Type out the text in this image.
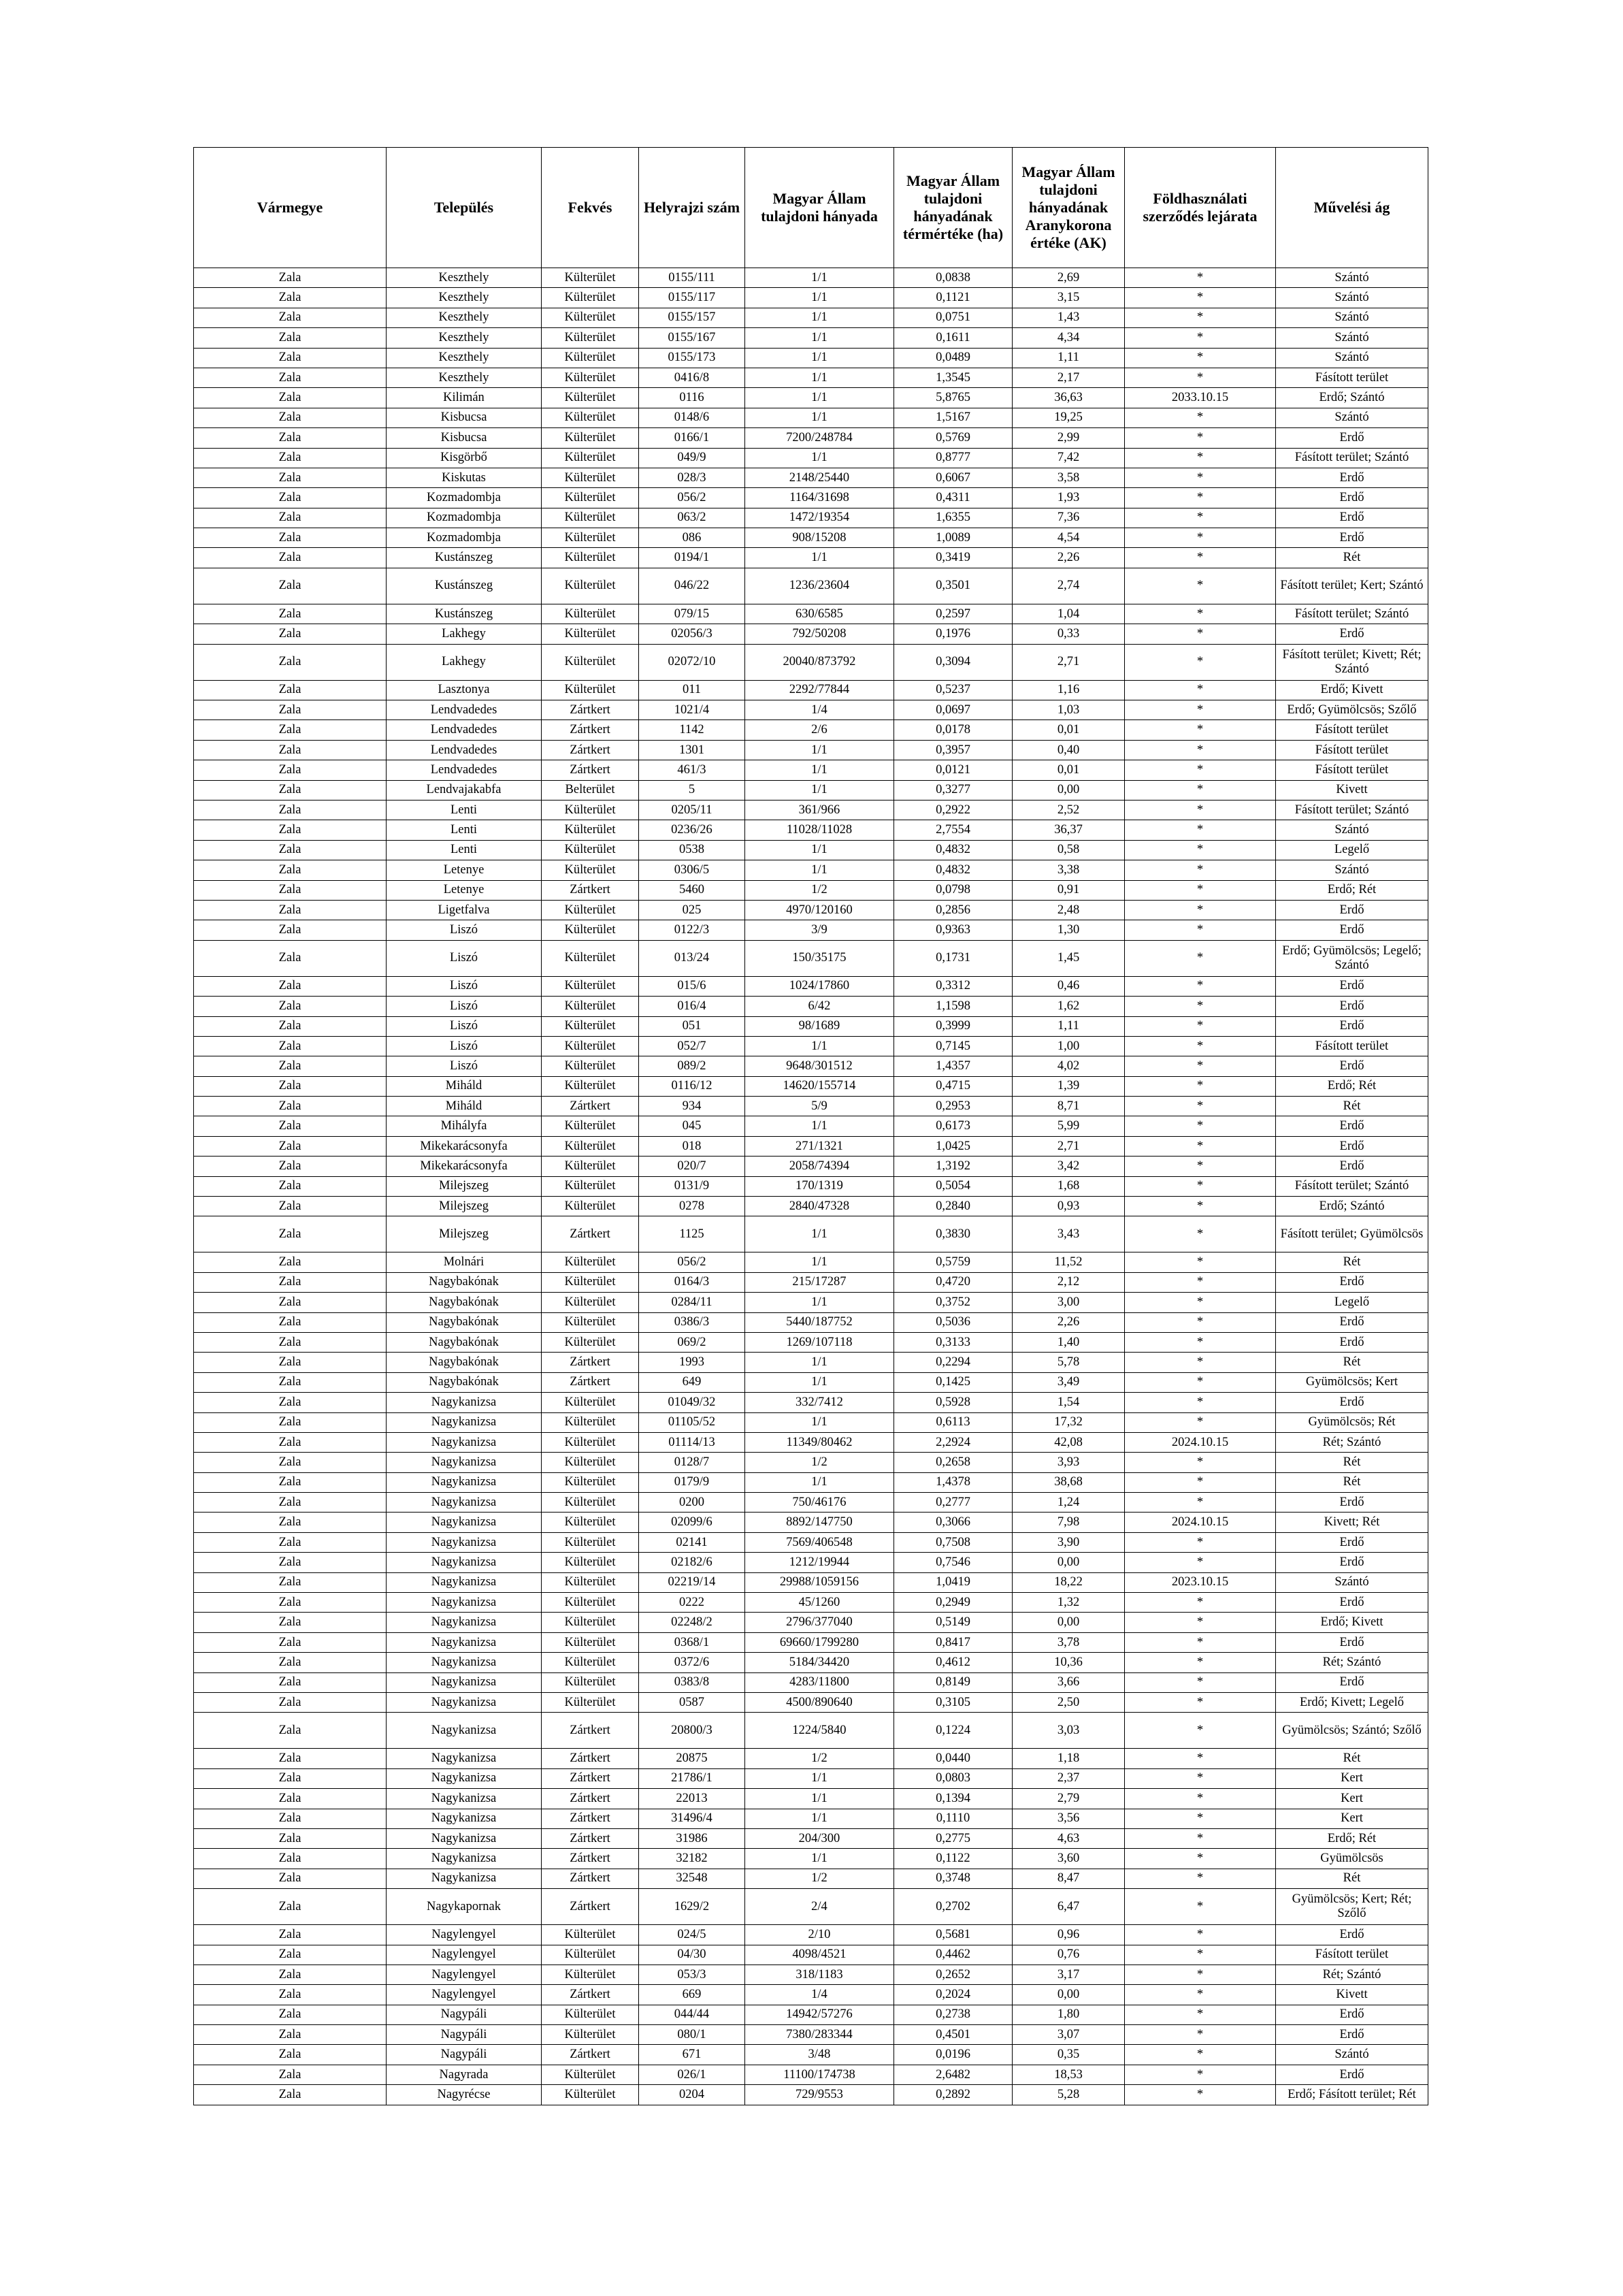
Vármegye	Település	Fekvés	Helyrajzi szám	Magyar Állam tulajdoni hányada	Magyar Állam tulajdoni hányadának térmértéke (ha)	Magyar Állam tulajdoni hányadának Aranykorona értéke (AK)	Földhasználati szerződés lejárata	Művelési ág
Zala	Keszthely	Külterület	0155/111	1/1	0,0838	2,69	*	Szántó
Zala	Keszthely	Külterület	0155/117	1/1	0,1121	3,15	*	Szántó
Zala	Keszthely	Külterület	0155/157	1/1	0,0751	1,43	*	Szántó
Zala	Keszthely	Külterület	0155/167	1/1	0,1611	4,34	*	Szántó
Zala	Keszthely	Külterület	0155/173	1/1	0,0489	1,11	*	Szántó
Zala	Keszthely	Külterület	0416/8	1/1	1,3545	2,17	*	Fásított terület
Zala	Kilimán	Külterület	0116	1/1	5,8765	36,63	2033.10.15	Erdő; Szántó
Zala	Kisbucsa	Külterület	0148/6	1/1	1,5167	19,25	*	Szántó
Zala	Kisbucsa	Külterület	0166/1	7200/248784	0,5769	2,99	*	Erdő
Zala	Kisgörbő	Külterület	049/9	1/1	0,8777	7,42	*	Fásított terület; Szántó
Zala	Kiskutas	Külterület	028/3	2148/25440	0,6067	3,58	*	Erdő
Zala	Kozmadombja	Külterület	056/2	1164/31698	0,4311	1,93	*	Erdő
Zala	Kozmadombja	Külterület	063/2	1472/19354	1,6355	7,36	*	Erdő
Zala	Kozmadombja	Külterület	086	908/15208	1,0089	4,54	*	Erdő
Zala	Kustánszeg	Külterület	0194/1	1/1	0,3419	2,26	*	Rét
Zala	Kustánszeg	Külterület	046/22	1236/23604	0,3501	2,74	*	Fásított terület; Kert; Szántó
Zala	Kustánszeg	Külterület	079/15	630/6585	0,2597	1,04	*	Fásított terület; Szántó
Zala	Lakhegy	Külterület	02056/3	792/50208	0,1976	0,33	*	Erdő
Zala	Lakhegy	Külterület	02072/10	20040/873792	0,3094	2,71	*	Fásított terület; Kivett; Rét; Szántó
Zala	Lasztonya	Külterület	011	2292/77844	0,5237	1,16	*	Erdő; Kivett
Zala	Lendvadedes	Zártkert	1021/4	1/4	0,0697	1,03	*	Erdő; Gyümölcsös; Szőlő
Zala	Lendvadedes	Zártkert	1142	2/6	0,0178	0,01	*	Fásított terület
Zala	Lendvadedes	Zártkert	1301	1/1	0,3957	0,40	*	Fásított terület
Zala	Lendvadedes	Zártkert	461/3	1/1	0,0121	0,01	*	Fásított terület
Zala	Lendvajakabfa	Belterület	5	1/1	0,3277	0,00	*	Kivett
Zala	Lenti	Külterület	0205/11	361/966	0,2922	2,52	*	Fásított terület; Szántó
Zala	Lenti	Külterület	0236/26	11028/11028	2,7554	36,37	*	Szántó
Zala	Lenti	Külterület	0538	1/1	0,4832	0,58	*	Legelő
Zala	Letenye	Külterület	0306/5	1/1	0,4832	3,38	*	Szántó
Zala	Letenye	Zártkert	5460	1/2	0,0798	0,91	*	Erdő; Rét
Zala	Ligetfalva	Külterület	025	4970/120160	0,2856	2,48	*	Erdő
Zala	Liszó	Külterület	0122/3	3/9	0,9363	1,30	*	Erdő
Zala	Liszó	Külterület	013/24	150/35175	0,1731	1,45	*	Erdő; Gyümölcsös; Legelő; Szántó
Zala	Liszó	Külterület	015/6	1024/17860	0,3312	0,46	*	Erdő
Zala	Liszó	Külterület	016/4	6/42	1,1598	1,62	*	Erdő
Zala	Liszó	Külterület	051	98/1689	0,3999	1,11	*	Erdő
Zala	Liszó	Külterület	052/7	1/1	0,7145	1,00	*	Fásított terület
Zala	Liszó	Külterület	089/2	9648/301512	1,4357	4,02	*	Erdő
Zala	Miháld	Külterület	0116/12	14620/155714	0,4715	1,39	*	Erdő; Rét
Zala	Miháld	Zártkert	934	5/9	0,2953	8,71	*	Rét
Zala	Mihályfa	Külterület	045	1/1	0,6173	5,99	*	Erdő
Zala	Mikekarácsonyfa	Külterület	018	271/1321	1,0425	2,71	*	Erdő
Zala	Mikekarácsonyfa	Külterület	020/7	2058/74394	1,3192	3,42	*	Erdő
Zala	Milejszeg	Külterület	0131/9	170/1319	0,5054	1,68	*	Fásított terület; Szántó
Zala	Milejszeg	Külterület	0278	2840/47328	0,2840	0,93	*	Erdő; Szántó
Zala	Milejszeg	Zártkert	1125	1/1	0,3830	3,43	*	Fásított terület; Gyümölcsös
Zala	Molnári	Külterület	056/2	1/1	0,5759	11,52	*	Rét
Zala	Nagybakónak	Külterület	0164/3	215/17287	0,4720	2,12	*	Erdő
Zala	Nagybakónak	Külterület	0284/11	1/1	0,3752	3,00	*	Legelő
Zala	Nagybakónak	Külterület	0386/3	5440/187752	0,5036	2,26	*	Erdő
Zala	Nagybakónak	Külterület	069/2	1269/107118	0,3133	1,40	*	Erdő
Zala	Nagybakónak	Zártkert	1993	1/1	0,2294	5,78	*	Rét
Zala	Nagybakónak	Zártkert	649	1/1	0,1425	3,49	*	Gyümölcsös; Kert
Zala	Nagykanizsa	Külterület	01049/32	332/7412	0,5928	1,54	*	Erdő
Zala	Nagykanizsa	Külterület	01105/52	1/1	0,6113	17,32	*	Gyümölcsös; Rét
Zala	Nagykanizsa	Külterület	01114/13	11349/80462	2,2924	42,08	2024.10.15	Rét; Szántó
Zala	Nagykanizsa	Külterület	0128/7	1/2	0,2658	3,93	*	Rét
Zala	Nagykanizsa	Külterület	0179/9	1/1	1,4378	38,68	*	Rét
Zala	Nagykanizsa	Külterület	0200	750/46176	0,2777	1,24	*	Erdő
Zala	Nagykanizsa	Külterület	02099/6	8892/147750	0,3066	7,98	2024.10.15	Kivett; Rét
Zala	Nagykanizsa	Külterület	02141	7569/406548	0,7508	3,90	*	Erdő
Zala	Nagykanizsa	Külterület	02182/6	1212/19944	0,7546	0,00	*	Erdő
Zala	Nagykanizsa	Külterület	02219/14	29988/1059156	1,0419	18,22	2023.10.15	Szántó
Zala	Nagykanizsa	Külterület	0222	45/1260	0,2949	1,32	*	Erdő
Zala	Nagykanizsa	Külterület	02248/2	2796/377040	0,5149	0,00	*	Erdő; Kivett
Zala	Nagykanizsa	Külterület	0368/1	69660/1799280	0,8417	3,78	*	Erdő
Zala	Nagykanizsa	Külterület	0372/6	5184/34420	0,4612	10,36	*	Rét; Szántó
Zala	Nagykanizsa	Külterület	0383/8	4283/11800	0,8149	3,66	*	Erdő
Zala	Nagykanizsa	Külterület	0587	4500/890640	0,3105	2,50	*	Erdő; Kivett; Legelő
Zala	Nagykanizsa	Zártkert	20800/3	1224/5840	0,1224	3,03	*	Gyümölcsös; Szántó; Szőlő
Zala	Nagykanizsa	Zártkert	20875	1/2	0,0440	1,18	*	Rét
Zala	Nagykanizsa	Zártkert	21786/1	1/1	0,0803	2,37	*	Kert
Zala	Nagykanizsa	Zártkert	22013	1/1	0,1394	2,79	*	Kert
Zala	Nagykanizsa	Zártkert	31496/4	1/1	0,1110	3,56	*	Kert
Zala	Nagykanizsa	Zártkert	31986	204/300	0,2775	4,63	*	Erdő; Rét
Zala	Nagykanizsa	Zártkert	32182	1/1	0,1122	3,60	*	Gyümölcsös
Zala	Nagykanizsa	Zártkert	32548	1/2	0,3748	8,47	*	Rét
Zala	Nagykapornak	Zártkert	1629/2	2/4	0,2702	6,47	*	Gyümölcsös; Kert; Rét; Szőlő
Zala	Nagylengyel	Külterület	024/5	2/10	0,5681	0,96	*	Erdő
Zala	Nagylengyel	Külterület	04/30	4098/4521	0,4462	0,76	*	Fásított terület
Zala	Nagylengyel	Külterület	053/3	318/1183	0,2652	3,17	*	Rét; Szántó
Zala	Nagylengyel	Zártkert	669	1/4	0,2024	0,00	*	Kivett
Zala	Nagypáli	Külterület	044/44	14942/57276	0,2738	1,80	*	Erdő
Zala	Nagypáli	Külterület	080/1	7380/283344	0,4501	3,07	*	Erdő
Zala	Nagypáli	Zártkert	671	3/48	0,0196	0,35	*	Szántó
Zala	Nagyrada	Külterület	026/1	11100/174738	2,6482	18,53	*	Erdő
Zala	Nagyrécse	Külterület	0204	729/9553	0,2892	5,28	*	Erdő; Fásított terület; Rét
